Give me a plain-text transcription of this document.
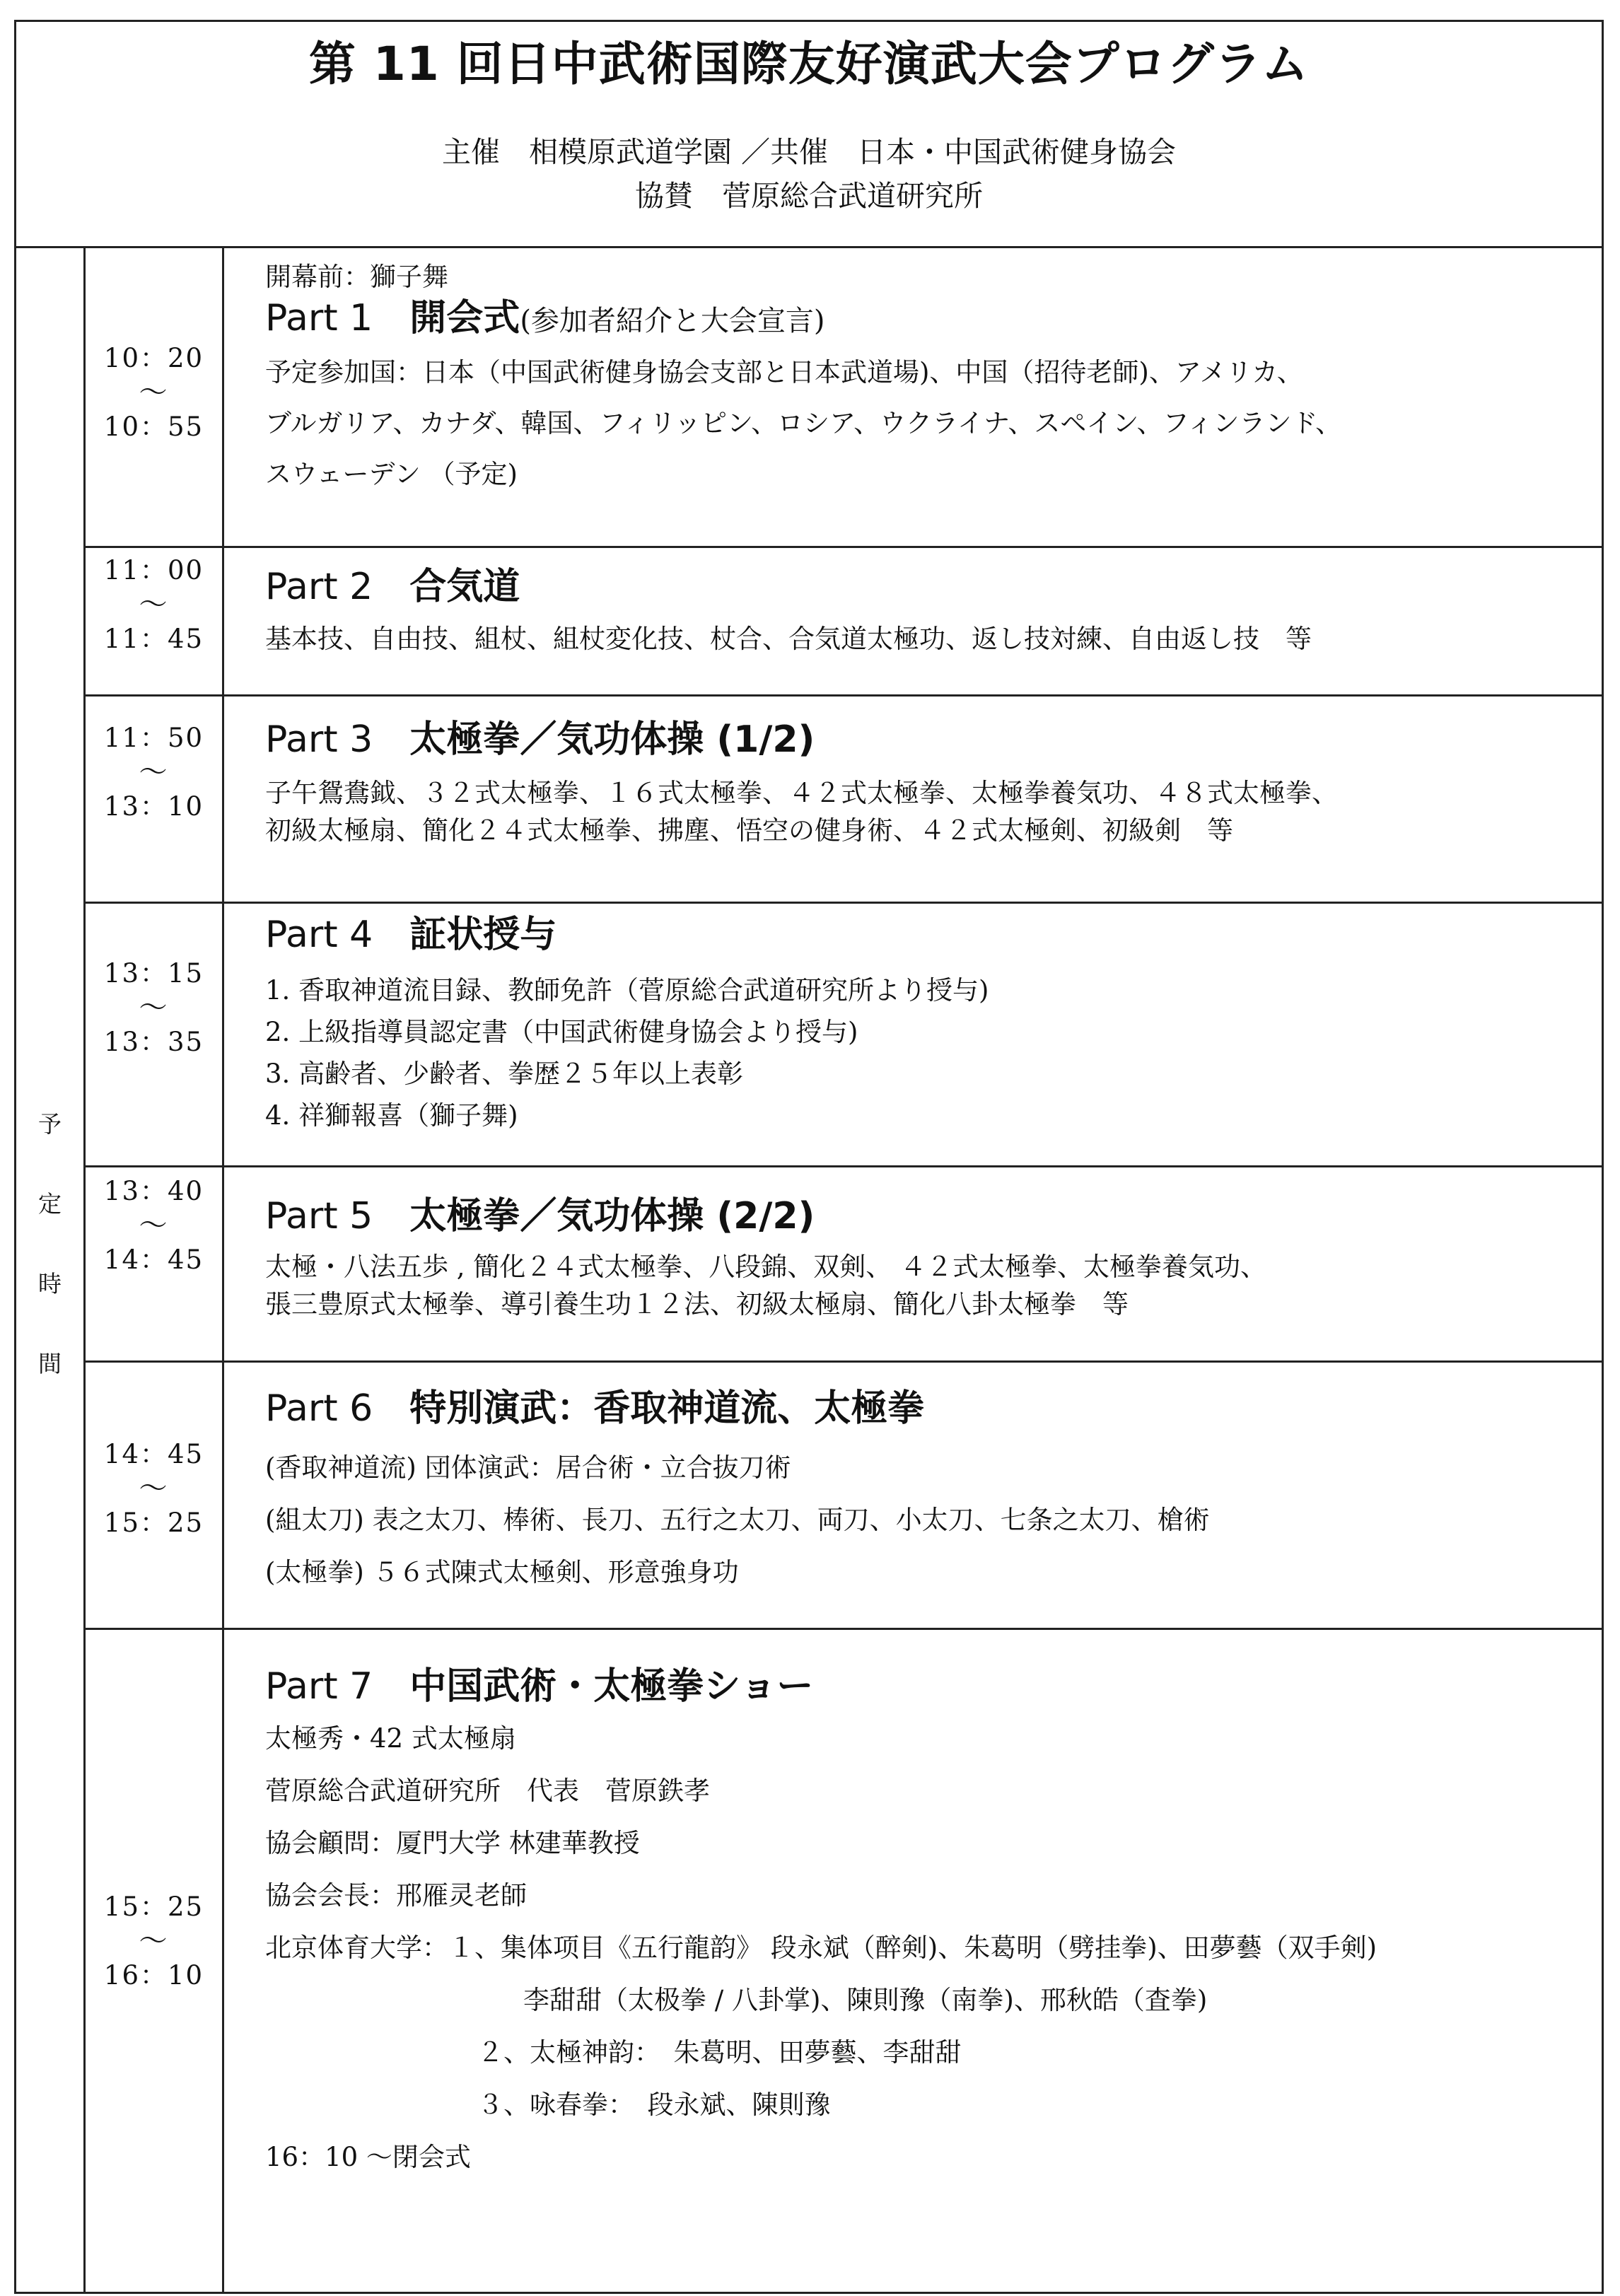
第 11 回日中武術国際友好演武大会プログラム
主催　相模原武道学園 ／共催　日本・中国武術健身協会
協賛　菅原総合武道研究所
予
定
時
間
10：20
～
10：55
開幕前：獅子舞
Part 1　 開会式(参加者紹介と大会宣言)
予定参加国：日本（中国武術健身協会支部と日本武道場)、中国（招待老師)、アメリカ、
ブルガリア、カナダ、韓国、フィリッピン、ロシア、ウクライナ、スペイン、フィンランド、
スウェーデン （予定)
11：00
～
11：45
Part 2　 合気道
基本技、自由技、組杖、組杖変化技、杖合、合気道太極功、返し技対練、自由返し技　等
11：50
～
13：10
Part 3　 太極拳／気功体操 (1/2)
子午鴛鴦鉞、３２式太極拳、１６式太極拳、４２式太極拳、太極拳養気功、４８式太極拳、
初級太極扇、簡化２４式太極拳、拂塵、悟空の健身術、４２式太極剣、初級剣　等
13：15
～
13：35
Part 4　 証状授与
1. 香取神道流目録、教師免許（菅原総合武道研究所より授与)
2. 上級指導員認定書（中国武術健身協会より授与)
3. 高齢者、少齢者、拳歴２５年以上表彰
4. 祥獅報喜（獅子舞)
13：40
～
14：45
Part 5　 太極拳／気功体操 (2/2)
太極・八法五歩 , 簡化２４式太極拳、八段錦、双剣、 ４２式太極拳、太極拳養気功、
張三豊原式太極拳、導引養生功１２法、初級太極扇、簡化八卦太極拳　等
14：45
～
15：25
Part 6　 特別演武：香取神道流、太極拳
(香取神道流) 団体演武：居合術・立合抜刀術
(組太刀) 表之太刀、棒術、長刀、五行之太刀、両刀、小太刀、七条之太刀、槍術
(太極拳) ５６式陳式太極剣、形意強身功
15：25
～
16：10
Part 7　 中国武術・太極拳ショー
太極秀・42 式太極扇
菅原総合武道研究所　代表　菅原鉄孝
協会顧問：厦門大学 林建華教授
協会会長：邢雁灵老師
北京体育大学：１、集体项目《五行龍韵》 段永斌（醉剣)、朱葛明（劈挂拳)、田夢藝（双手剣)
李甜甜（太极拳 / 八卦掌)、陳則豫（南拳)、邢秋皓（査拳)
２、太極神韵：　朱葛明、田夢藝、李甜甜
３、咏春拳：　段永斌、陳則豫
16：10 ～閉会式
